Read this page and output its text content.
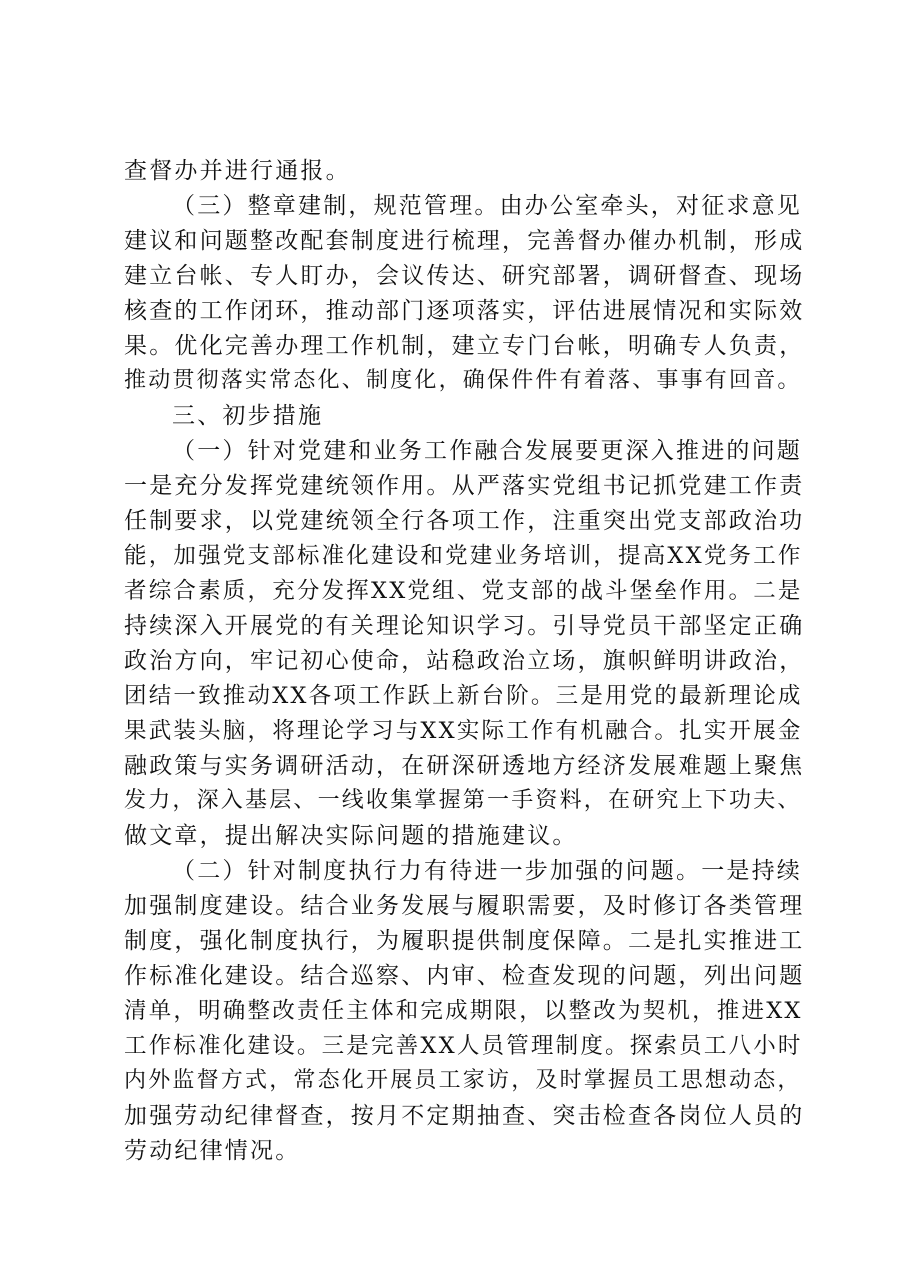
查督办并进行通报。
（三）整章建制，规范管理。由办公室牵头，对征求意见
建议和问题整改配套制度进行梳理，完善督办催办机制，形成
建立台帐、专人盯办，会议传达、研究部署，调研督查、现场
核查的工作闭环，推动部门逐项落实，评估进展情况和实际效
果。优化完善办理工作机制，建立专门台帐，明确专人负责，
推动贯彻落实常态化、制度化，确保件件有着落、事事有回音。
三、初步措施
（一）针对党建和业务工作融合发展要更深入推进的问题
一是充分发挥党建统领作用。从严落实党组书记抓党建工作责
任制要求，以党建统领全行各项工作，注重突出党支部政治功
能，加强党支部标准化建设和党建业务培训，提高XX党务工作
者综合素质，充分发挥XX党组、党支部的战斗堡垒作用。二是
持续深入开展党的有关理论知识学习。引导党员干部坚定正确
政治方向，牢记初心使命，站稳政治立场，旗帜鲜明讲政治，
团结一致推动XX各项工作跃上新台阶。三是用党的最新理论成
果武装头脑，将理论学习与XX实际工作有机融合。扎实开展金
融政策与实务调研活动，在研深研透地方经济发展难题上聚焦
发力，深入基层、一线收集掌握第一手资料，在研究上下功夫、
做文章，提出解决实际问题的措施建议。
（二）针对制度执行力有待进一步加强的问题。一是持续
加强制度建设。结合业务发展与履职需要，及时修订各类管理
制度，强化制度执行，为履职提供制度保障。二是扎实推进工
作标准化建设。结合巡察、内审、检查发现的问题，列出问题
清单，明确整改责任主体和完成期限，以整改为契机，推进XX
工作标准化建设。三是完善XX人员管理制度。探索员工八小时
内外监督方式，常态化开展员工家访，及时掌握员工思想动态，
加强劳动纪律督查，按月不定期抽查、突击检查各岗位人员的
劳动纪律情况。
